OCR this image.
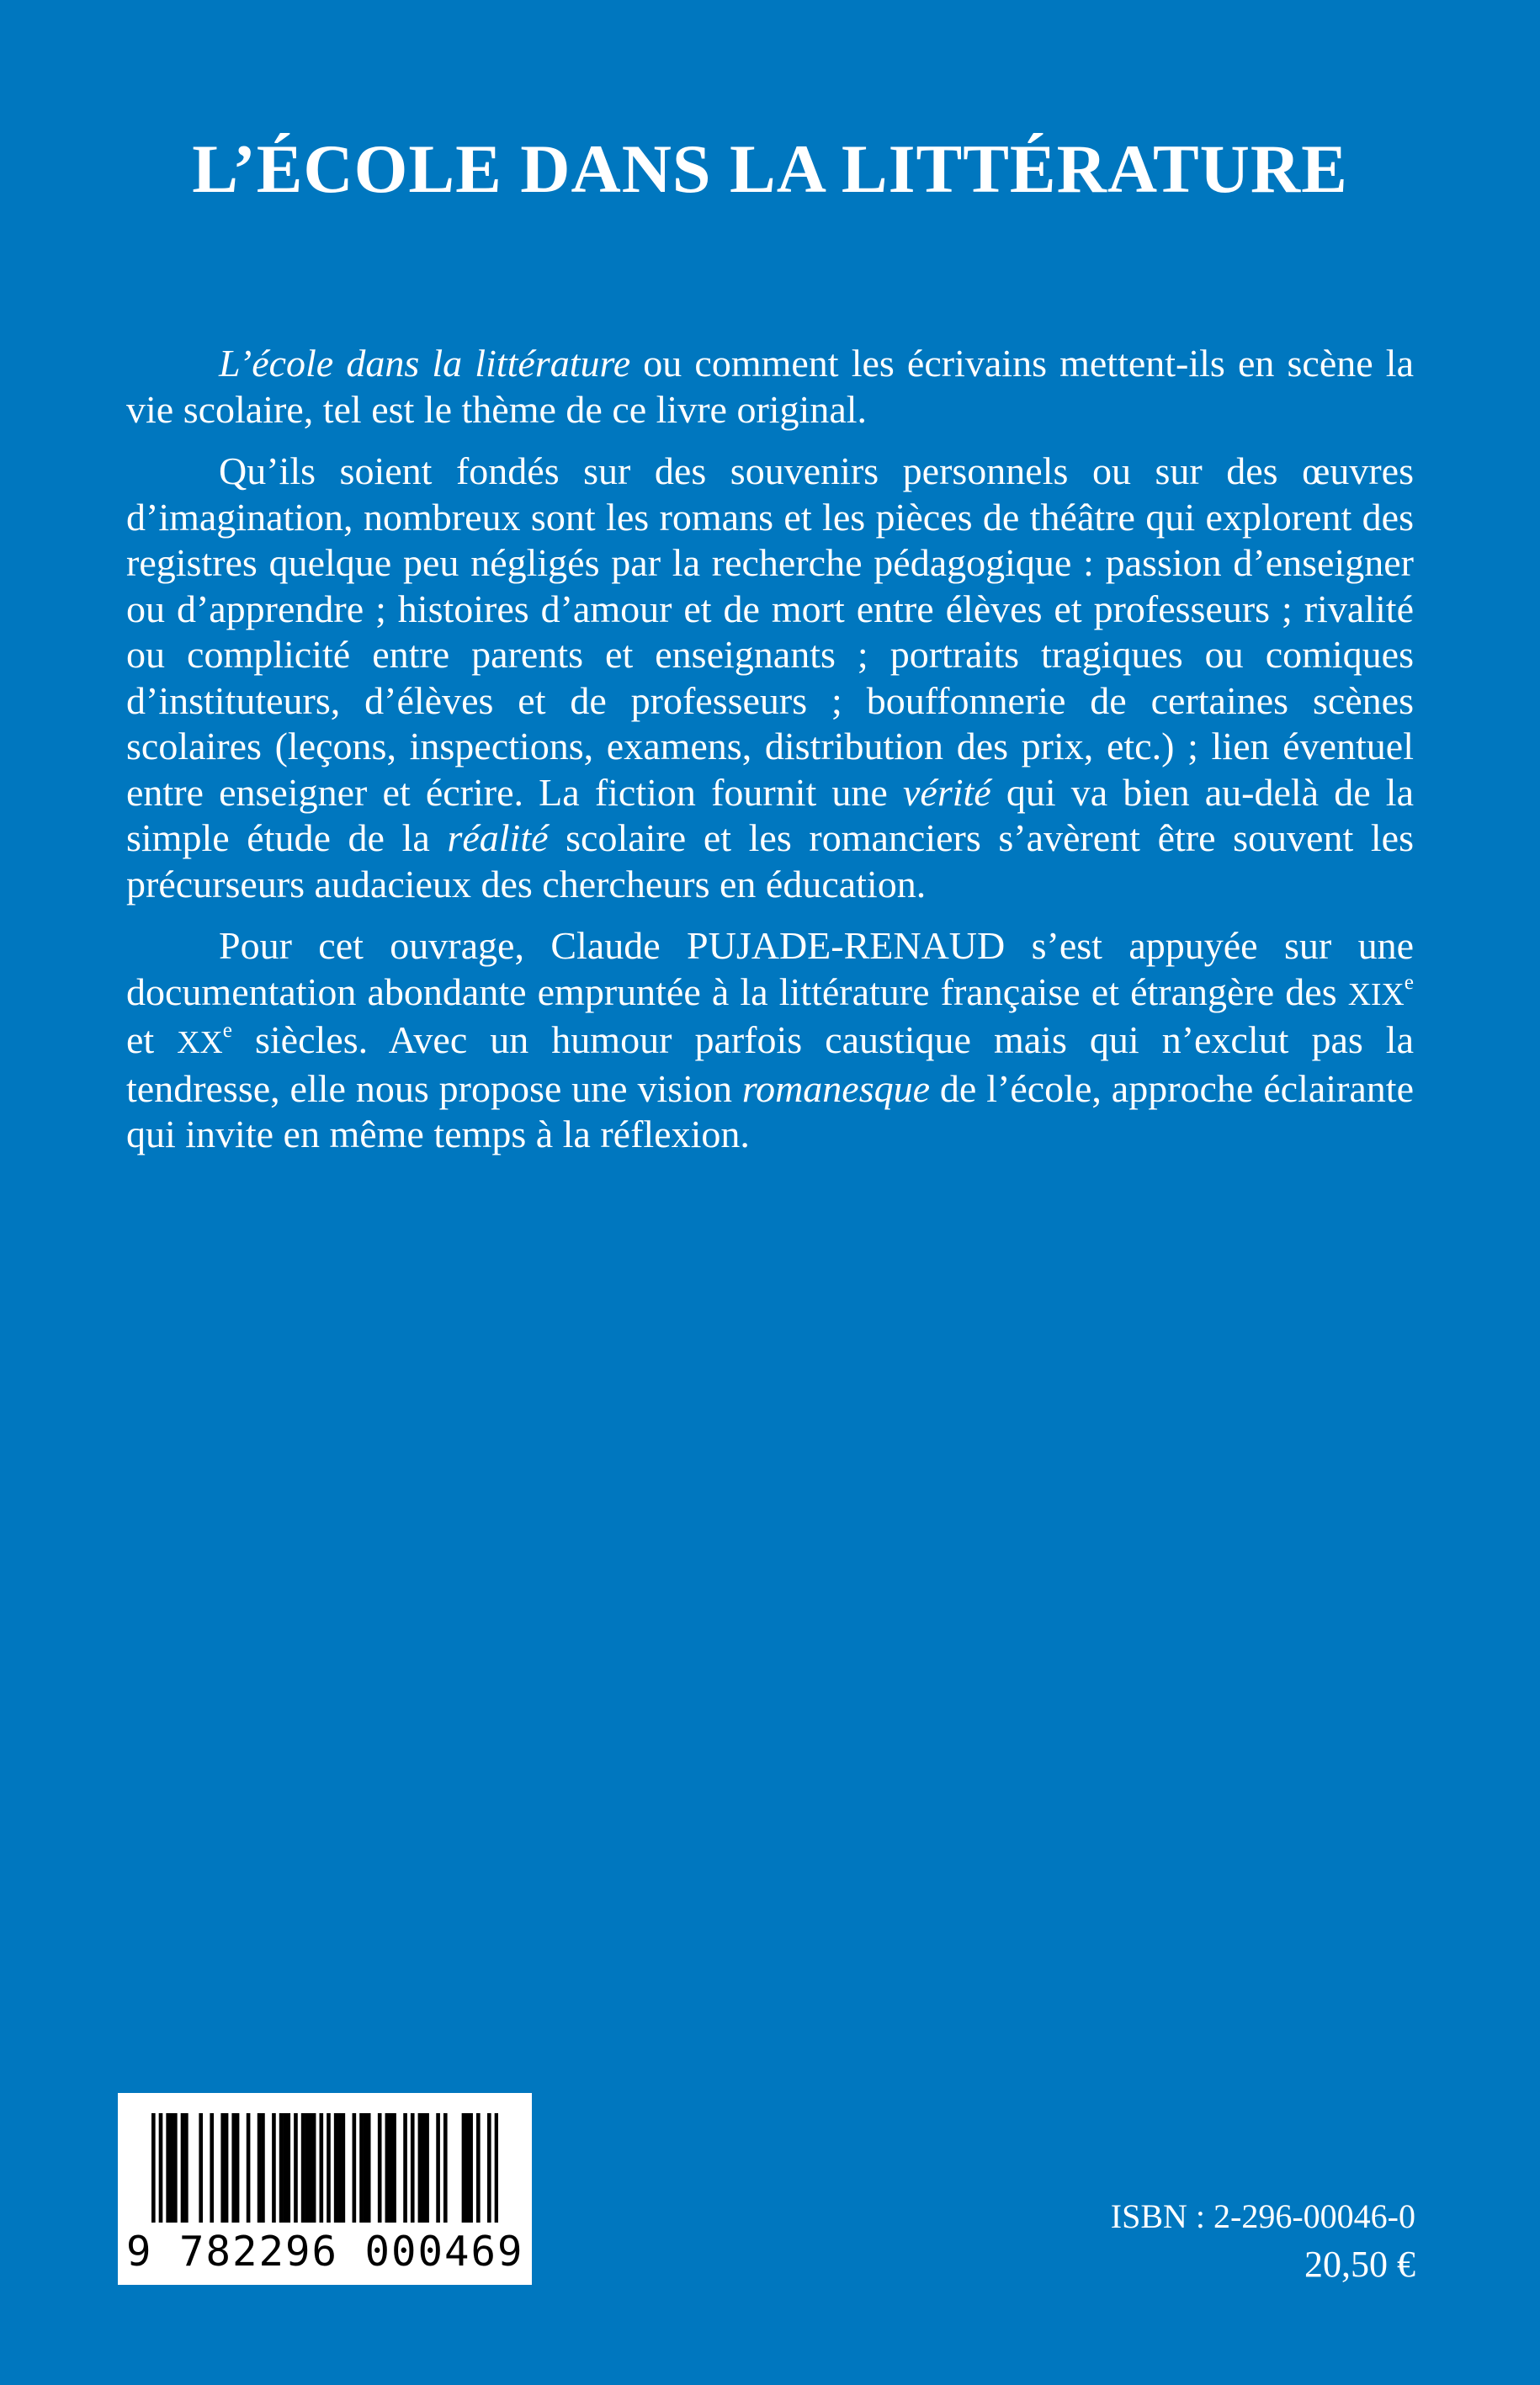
L’ÉCOLE DANS LA LITTÉRATURE

L’école dans la littérature ou comment les écrivains mettent-ils en scène la vie scolaire, tel est le thème de ce livre original.

Qu’ils soient fondés sur des souvenirs personnels ou sur des œuvres d’imagination, nombreux sont les romans et les pièces de théâtre qui explorent des registres quelque peu négligés par la recherche pédagogique : passion d’enseigner ou d’apprendre ; histoires d’amour et de mort entre élèves et professeurs ; rivalité ou complicité entre parents et enseignants ; portraits tragiques ou comiques d’instituteurs, d’élèves et de professeurs ; bouffonnerie de certaines scènes scolaires (leçons, inspections, examens, distribution des prix, etc.) ; lien éventuel entre enseigner et écrire. La fiction fournit une vérité qui va bien au-delà de la simple étude de la réalité scolaire et les romanciers s’avèrent être souvent les précurseurs audacieux des chercheurs en éducation.

Pour cet ouvrage, Claude PUJADE-RENAUD s’est appuyée sur une documentation abondante empruntée à la littérature française et étrangère des XIXe et XXe siècles. Avec un humour parfois caustique mais qui n’exclut pas la tendresse, elle nous propose une vision romanesque de l’école, approche éclairante qui invite en même temps à la réflexion.

9 782296 000469
ISBN : 2-296-00046-0
20,50 €
